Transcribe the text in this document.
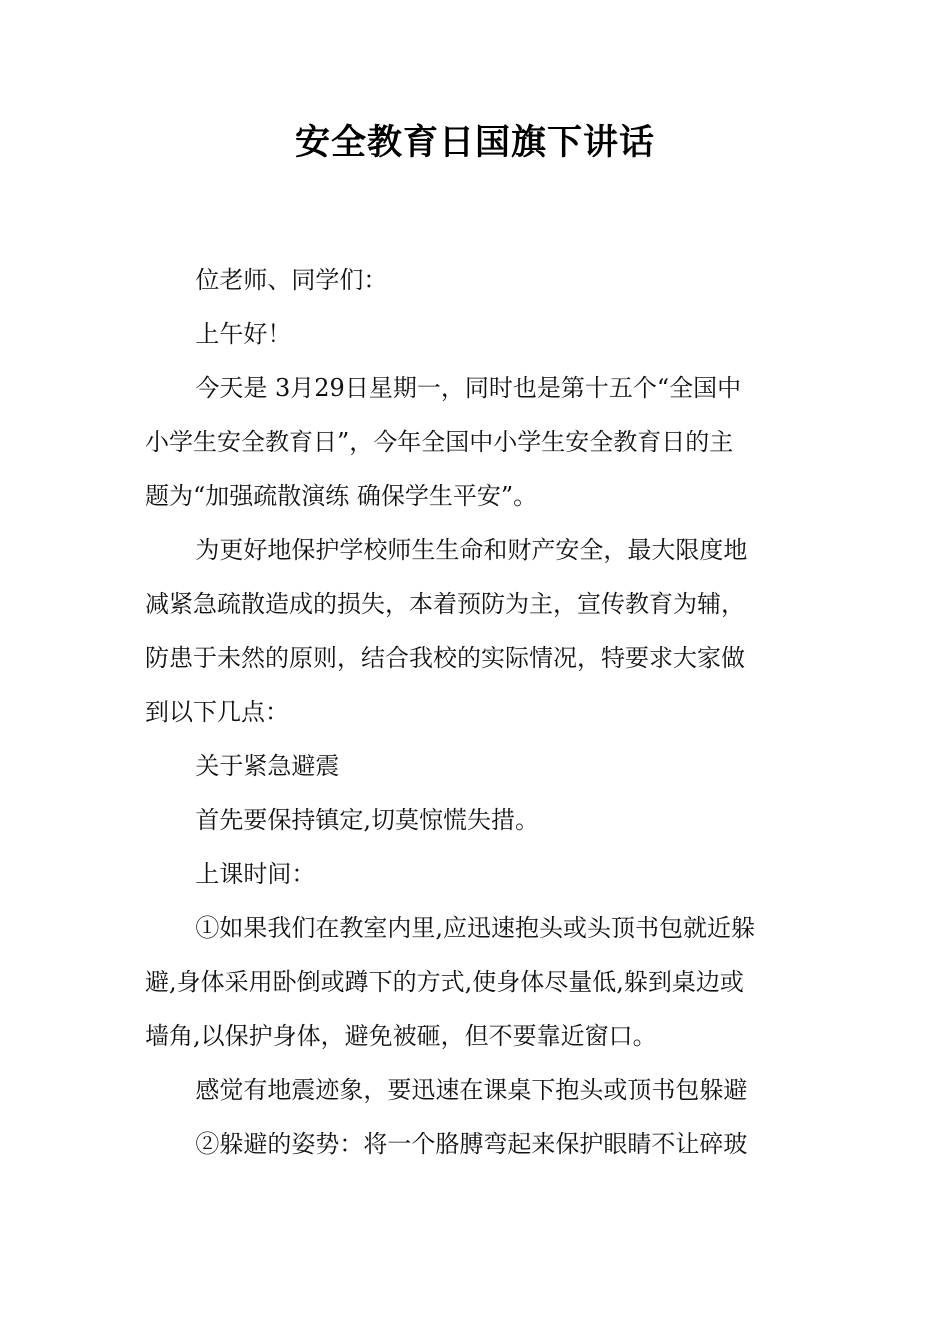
安全教育日国旗下讲话

位老师、同学们：

上午好！

今天是 3月29日星期一，同时也是第十五个“全国中
小学生安全教育日”，今年全国中小学生安全教育日的主
题为“加强疏散演练 确保学生平安”。

为更好地保护学校师生生命和财产安全，最大限度地
减紧急疏散造成的损失，本着预防为主，宣传教育为辅，
防患于未然的原则，结合我校的实际情况，特要求大家做
到以下几点：

关于紧急避震

首先要保持镇定,切莫惊慌失措。

上课时间：

①如果我们在教室内里,应迅速抱头或头顶书包就近躲
避,身体采用卧倒或蹲下的方式,使身体尽量低,躲到桌边或
墙角,以保护身体，避免被砸，但不要靠近窗口。

感觉有地震迹象，要迅速在课桌下抱头或顶书包躲避

②躲避的姿势：将一个胳膊弯起来保护眼睛不让碎玻
